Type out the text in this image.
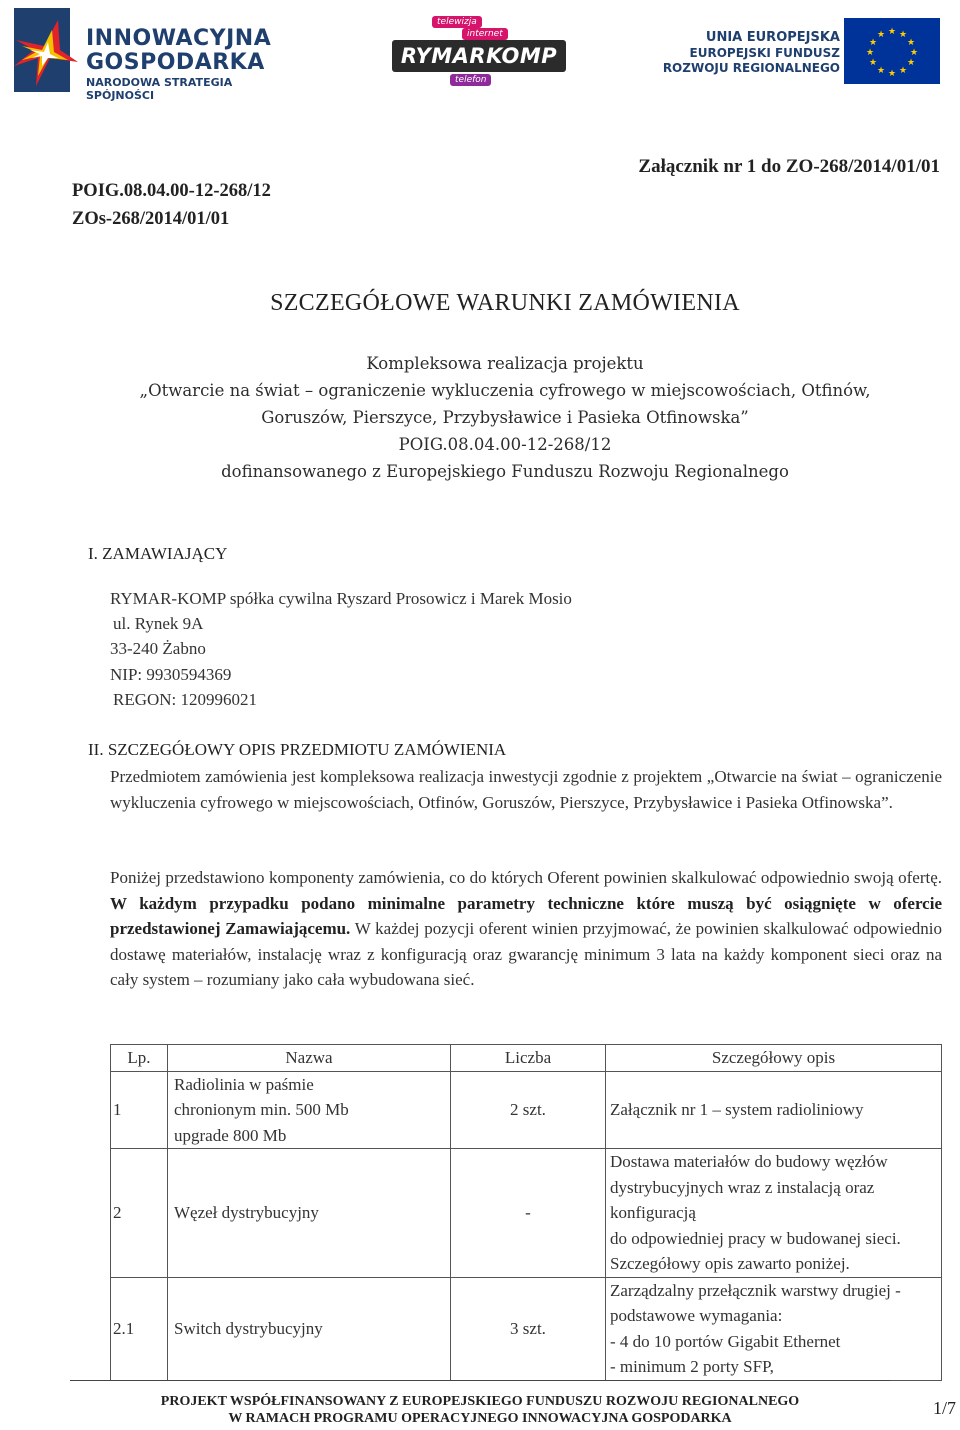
INNOWACYJNA
GOSPODARKA
NARODOWA STRATEGIA SPÓJNOŚCI
telewizja
internet
RYMARKOMP
telefon
UNIA EUROPEJSKA
EUROPEJSKI FUNDUSZ
ROZWOJU REGIONALNEGO
★ ★
★
★
★
★
★
★
★
★
★
★
Załącznik nr 1 do ZO-268/2014/01/01
POIG.08.04.00-12-268/12
ZOs-268/2014/01/01
SZCZEGÓŁOWE WARUNKI ZAMÓWIENIA
Kompleksowa realizacja projektu
„Otwarcie na świat – ograniczenie wykluczenia cyfrowego w miejscowościach, Otfinów,
Goruszów, Pierszyce, Przybysławice i Pasieka Otfinowska”
POIG.08.04.00-12-268/12
dofinansowanego z Europejskiego Funduszu Rozwoju Regionalnego
I. ZAMAWIAJĄCY
RYMAR-KOMP spółka cywilna Ryszard Prosowicz i Marek Mosio
ul. Rynek 9A
33-240 Żabno
NIP: 9930594369
REGON: 120996021
II. SZCZEGÓŁOWY OPIS PRZEDMIOTU ZAMÓWIENIA

Przedmiotem zamówienia jest kompleksowa realizacja inwestycji zgodnie z projektem „Otwarcie na świat – ograniczenie wykluczenia cyfrowego w miejscowościach, Otfinów, Goruszów, Pierszyce, Przybysławice i Pasieka Otfinowska”.

Poniżej przedstawiono komponenty zamówienia, co do których Oferent powinien skalkulować odpowiednio swoją ofertę. W każdym przypadku podano minimalne parametry techniczne które muszą być osiągnięte w ofercie przedstawionej Zamawiającemu. W każdej pozycji oferent winien przyjmować, że powinien skalkulować odpowiednio dostawę materiałów, instalację wraz z konfiguracją oraz gwarancję minimum 3 lata na każdy komponent sieci oraz na cały system – rozumiany jako cała wybudowana sieć.

Lp.	Nazwa	Liczba	Szczegółowy opis
1	Radiolinia w paśmie
chronionym min. 500 Mb
upgrade 800 Mb	2 szt.	Załącznik nr 1 – system radioliniowy

2	Węzeł dystrybucyjny	-	Dostawa materiałów do budowy węzłów
dystrybucyjnych wraz z instalacją oraz konfiguracją
do odpowiedniej pracy w budowanej sieci.
Szczegółowy opis zawarto poniżej.

2.1	Switch dystrybucyjny	3 szt.	Zarządzalny przełącznik warstwy drugiej -
podstawowe wymagania:
- 4 do 10 portów Gigabit Ethernet
- minimum 2 porty SFP,
PROJEKT WSPÓŁFINANSOWANY Z EUROPEJSKIEGO FUNDUSZU ROZWOJU REGIONALNEGO
W RAMACH PROGRAMU OPERACYJNEGO INNOWACYJNA GOSPODARKA
1/7
